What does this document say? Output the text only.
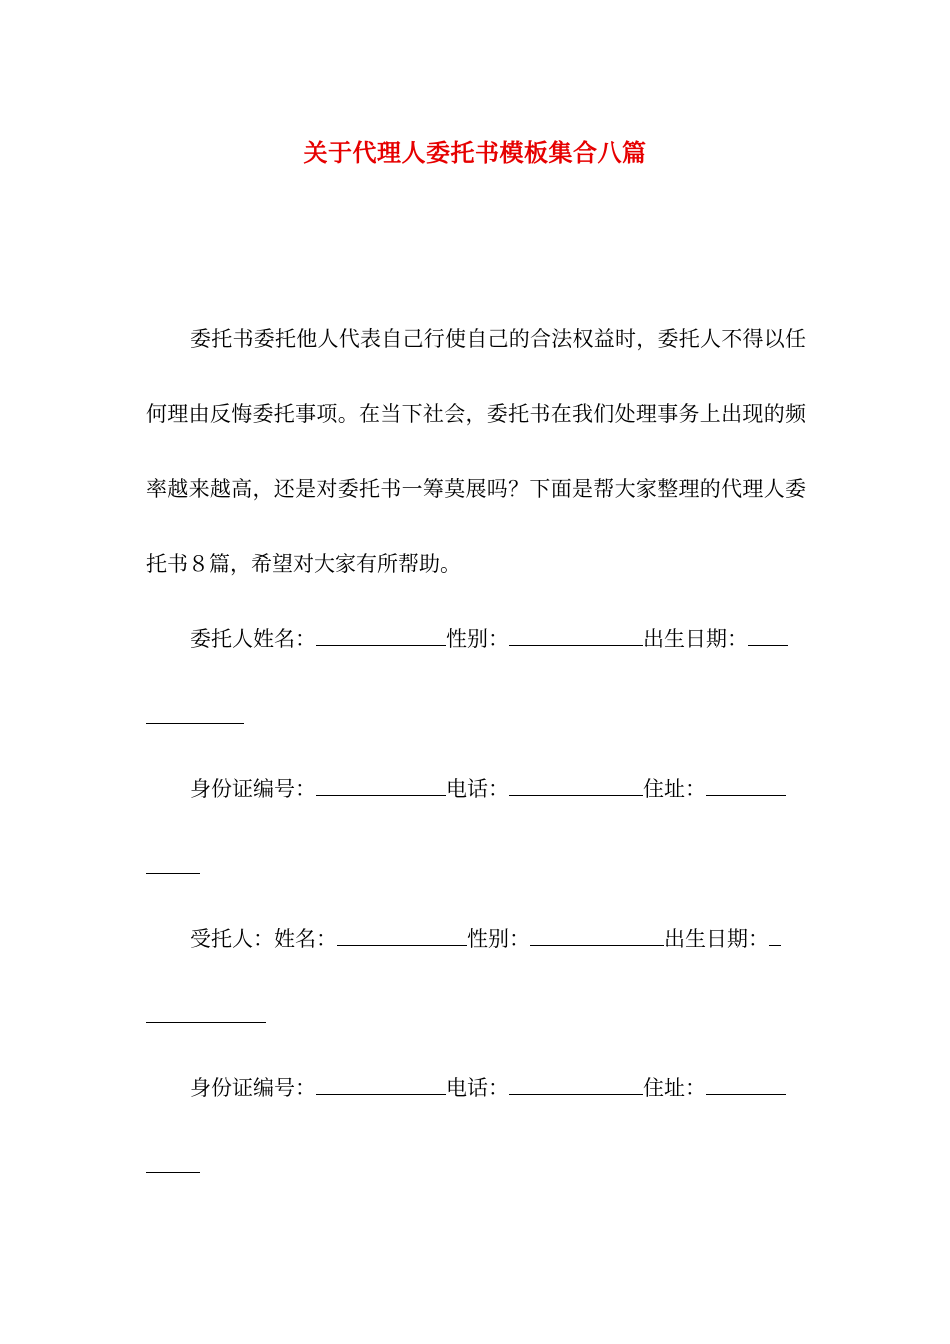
关于代理人委托书模板集合八篇
委托书委托他人代表自己行使自己的合法权益时，委托人不得以任何理由反悔委托事项。在当下社会，委托书在我们处理事务上出现的频率越来越高，还是对委托书一筹莫展吗？下面是帮大家整理的代理人委托书８篇，希望对大家有所帮助。
委托人姓名：	性别：	出生日期：
身份证编号：	电话：	住址：
受托人：姓名：	性别：	出生日期：
身份证编号：	电话：	住址：
